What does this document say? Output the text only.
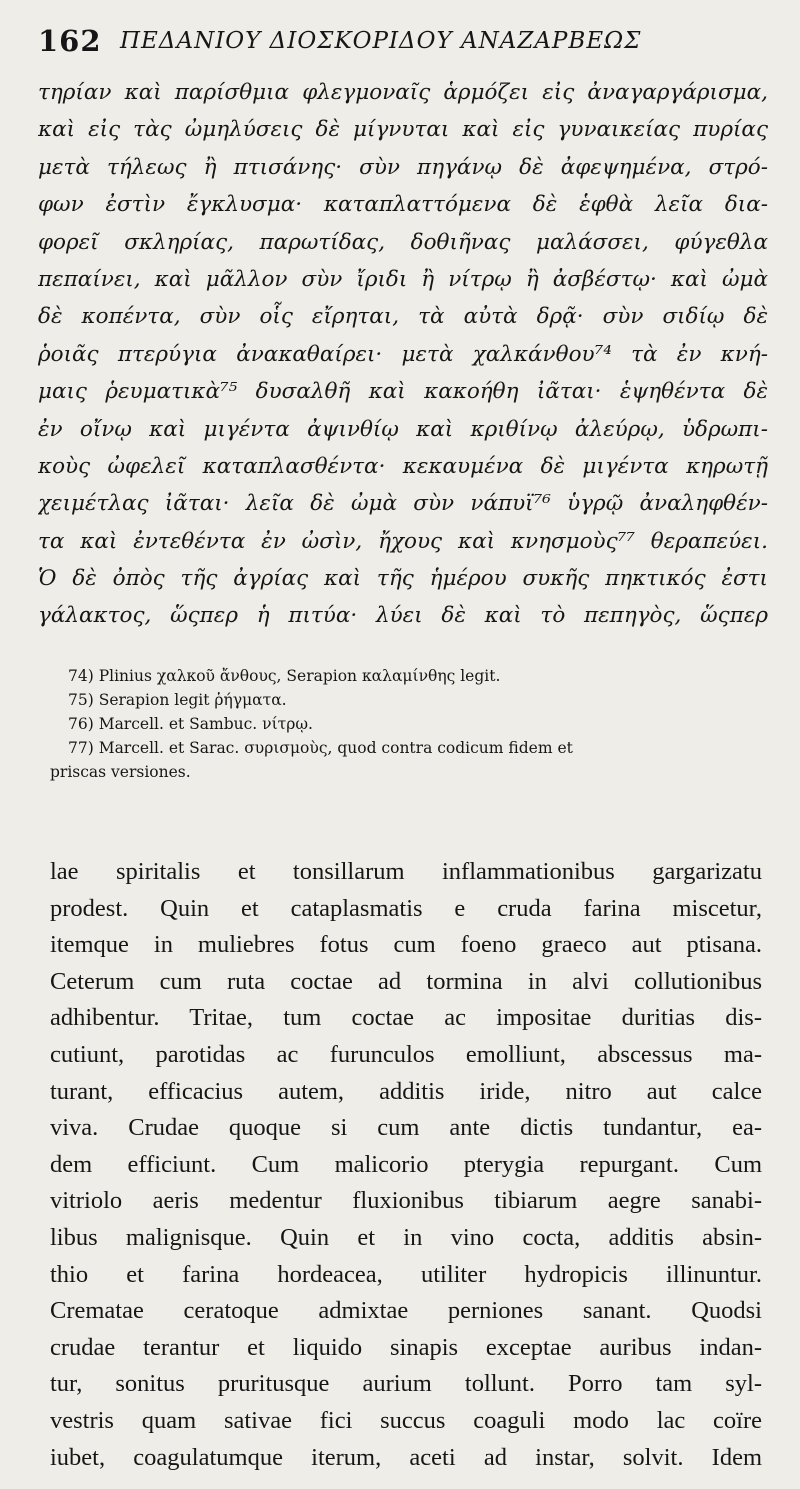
162 ΠΕΔΑΝΙΟΥ ΔΙΟΣΚΟΡΙΔΟΥ ΑΝΑΖΑΡΒΕΩΣ
τηρίαν καὶ παρίσθμια φλεγμοναῖς ἁρμόζει εἰς ἀναγαργάρισμα,
καὶ εἰς τὰς ὠμηλύσεις δὲ μίγνυται καὶ εἰς γυναικείας πυρίας
μετὰ τήλεως ἢ πτισάνης· σὺν πηγάνῳ δὲ ἀφεψημένα, στρό-
φων ἐστὶν ἔγκλυσμα· καταπλαττόμενα δὲ ἑφθὰ λεῖα δια-
φορεῖ σκληρίας, παρωτίδας, δοθιῆνας μαλάσσει, φύγεθλα
πεπαίνει, καὶ μᾶλλον σὺν ἴριδι ἢ νίτρῳ ἢ ἀσβέστῳ· καὶ ὠμὰ
δὲ κοπέντα, σὺν οἷς εἴρηται, τὰ αὐτὰ δρᾷ· σὺν σιδίῳ δὲ
ῥοιᾶς πτερύγια ἀνακαθαίρει· μετὰ χαλκάνθου⁷⁴ τὰ ἐν κνή-
μαις ῥευματικὰ⁷⁵ δυσαλθῆ καὶ κακοήθη ἰᾶται· ἑψηθέντα δὲ
ἐν οἴνῳ καὶ μιγέντα ἀψινθίῳ καὶ κριθίνῳ ἀλεύρῳ, ὑδρωπι-
κοὺς ὠφελεῖ καταπλασθέντα· κεκαυμένα δὲ μιγέντα κηρωτῇ
χειμέτλας ἰᾶται· λεῖα δὲ ὠμὰ σὺν νάπυϊ⁷⁶ ὑγρῷ ἀναληφθέν-
τα καὶ ἐντεθέντα ἐν ὠσὶν, ἤχους καὶ κνησμοὺς⁷⁷ θεραπεύει.
Ὁ δὲ ὀπὸς τῆς ἀγρίας καὶ τῆς ἡμέρου συκῆς πηκτικός ἐστι
γάλακτος, ὥςπερ ἡ πιτύα· λύει δὲ καὶ τὸ πεπηγὸς, ὥςπερ
74) Plinius χαλκοῦ ἄνθους, Serapion καλαμίνθης legit.
75) Serapion legit ῥήγματα.
76) Marcell. et Sambuc. νίτρῳ.
77) Marcell. et Sarac. συρισμοὺς, quod contra codicum fidem et
priscas versiones.
lae spiritalis et tonsillarum inflammationibus gargarizatu
prodest. Quin et cataplasmatis e cruda farina miscetur,
itemque in muliebres fotus cum foeno graeco aut ptisana.
Ceterum cum ruta coctae ad tormina in alvi collutionibus
adhibentur. Tritae, tum coctae ac impositae duritias dis-
cutiunt, parotidas ac furunculos emolliunt, abscessus ma-
turant, efficacius autem, additis iride, nitro aut calce
viva. Crudae quoque si cum ante dictis tundantur, ea-
dem efficiunt. Cum malicorio pterygia repurgant. Cum
vitriolo aeris medentur fluxionibus tibiarum aegre sanabi-
libus malignisque. Quin et in vino cocta, additis absin-
thio et farina hordeacea, utiliter hydropicis illinuntur.
Crematae ceratoque admixtae perniones sanant. Quodsi
crudae terantur et liquido sinapis exceptae auribus indan-
tur, sonitus pruritusque aurium tollunt. Porro tam syl-
vestris quam sativae fici succus coaguli modo lac coïre
iubet, coagulatumque iterum, aceti ad instar, solvit. Idem
